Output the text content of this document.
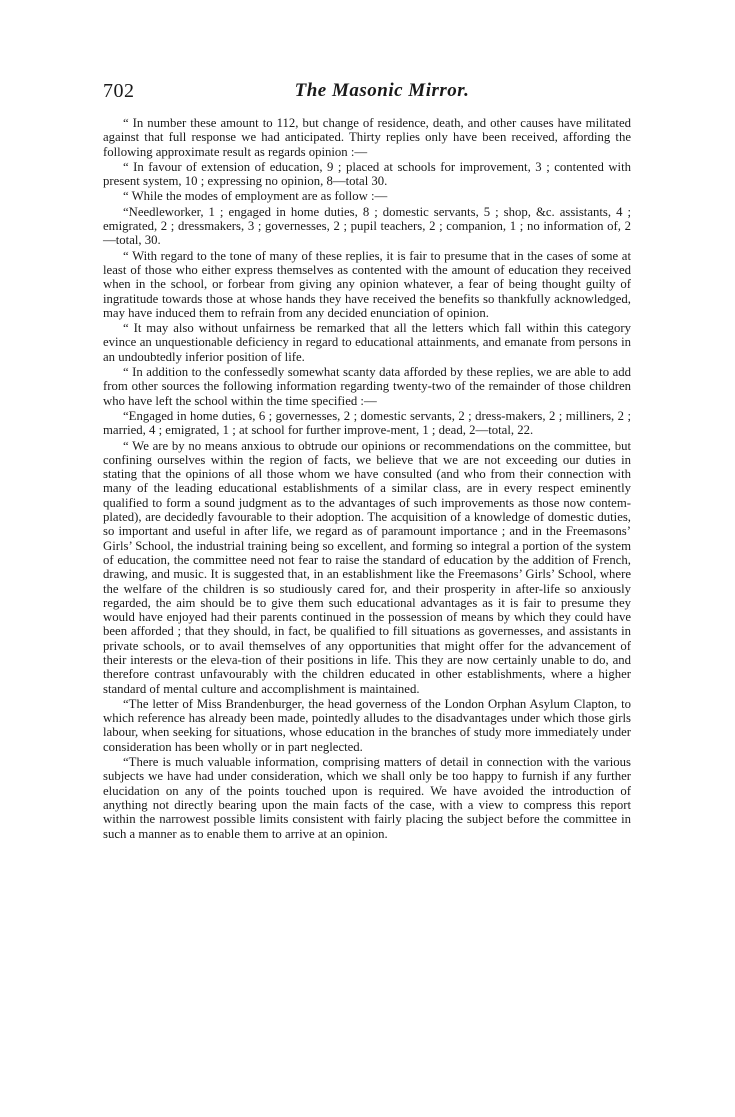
702	The Masonic Mirror.

“ In number these amount to 112, but change of residence, death, and other causes have militated against that full response we had anticipated. Thirty replies only have been received, affording the following approximate result as regards opinion :—

“ In favour of extension of education, 9 ; placed at schools for improvement, 3 ; contented with present system, 10 ; expressing no opinion, 8—total 30.

“ While the modes of employment are as follow :—

“Needleworker, 1 ; engaged in home duties, 8 ; domestic servants, 5 ; shop, &c. assistants, 4 ; emigrated, 2 ; dressmakers, 3 ; governesses, 2 ; pupil teachers, 2 ; companion, 1 ; no information of, 2—total, 30.

“ With regard to the tone of many of these replies, it is fair to presume that in the cases of some at least of those who either express themselves as contented with the amount of education they received when in the school, or forbear from giving any opinion whatever, a fear of being thought guilty of ingratitude towards those at whose hands they have received the benefits so thankfully acknowledged, may have induced them to refrain from any decided enunciation of opinion.

“ It may also without unfairness be remarked that all the letters which fall within this category evince an unquestionable deficiency in regard to educational attainments, and emanate from persons in an undoubtedly inferior position of life.

“ In addition to the confessedly somewhat scanty data afforded by these replies, we are able to add from other sources the following information regarding twenty-two of the remainder of those children who have left the school within the time specified :—

“Engaged in home duties, 6 ; governesses, 2 ; domestic servants, 2 ; dress-makers, 2 ; milliners, 2 ; married, 4 ; emigrated, 1 ; at school for further improve-ment, 1 ; dead, 2—total, 22.

“ We are by no means anxious to obtrude our opinions or recommendations on the committee, but confining ourselves within the region of facts, we believe that we are not exceeding our duties in stating that the opinions of all those whom we have consulted (and who from their connection with many of the leading educational establishments of a similar class, are in every respect eminently qualified to form a sound judgment as to the advantages of such improvements as those now contem-plated), are decidedly favourable to their adoption. The acquisition of a knowledge of domestic duties, so important and useful in after life, we regard as of paramount importance ; and in the Freemasons’ Girls’ School, the industrial training being so excellent, and forming so integral a portion of the system of education, the committee need not fear to raise the standard of education by the addition of French, drawing, and music. It is suggested that, in an establishment like the Freemasons’ Girls’ School, where the welfare of the children is so studiously cared for, and their prosperity in after-life so anxiously regarded, the aim should be to give them such educational advantages as it is fair to presume they would have enjoyed had their parents continued in the possession of means by which they could have been afforded ; that they should, in fact, be qualified to fill situations as governesses, and assistants in private schools, or to avail themselves of any opportunities that might offer for the advancement of their interests or the eleva-tion of their positions in life. This they are now certainly unable to do, and therefore contrast unfavourably with the children educated in other establishments, where a higher standard of mental culture and accomplishment is maintained.

“The letter of Miss Brandenburger, the head governess of the London Orphan Asylum Clapton, to which reference has already been made, pointedly alludes to the disadvantages under which those girls labour, when seeking for situations, whose education in the branches of study more immediately under consideration has been wholly or in part neglected.

“There is much valuable information, comprising matters of detail in connection with the various subjects we have had under consideration, which we shall only be too happy to furnish if any further elucidation on any of the points touched upon is required. We have avoided the introduction of anything not directly bearing upon the main facts of the case, with a view to compress this report within the narrowest possible limits consistent with fairly placing the subject before the committee in such a manner as to enable them to arrive at an opinion.
